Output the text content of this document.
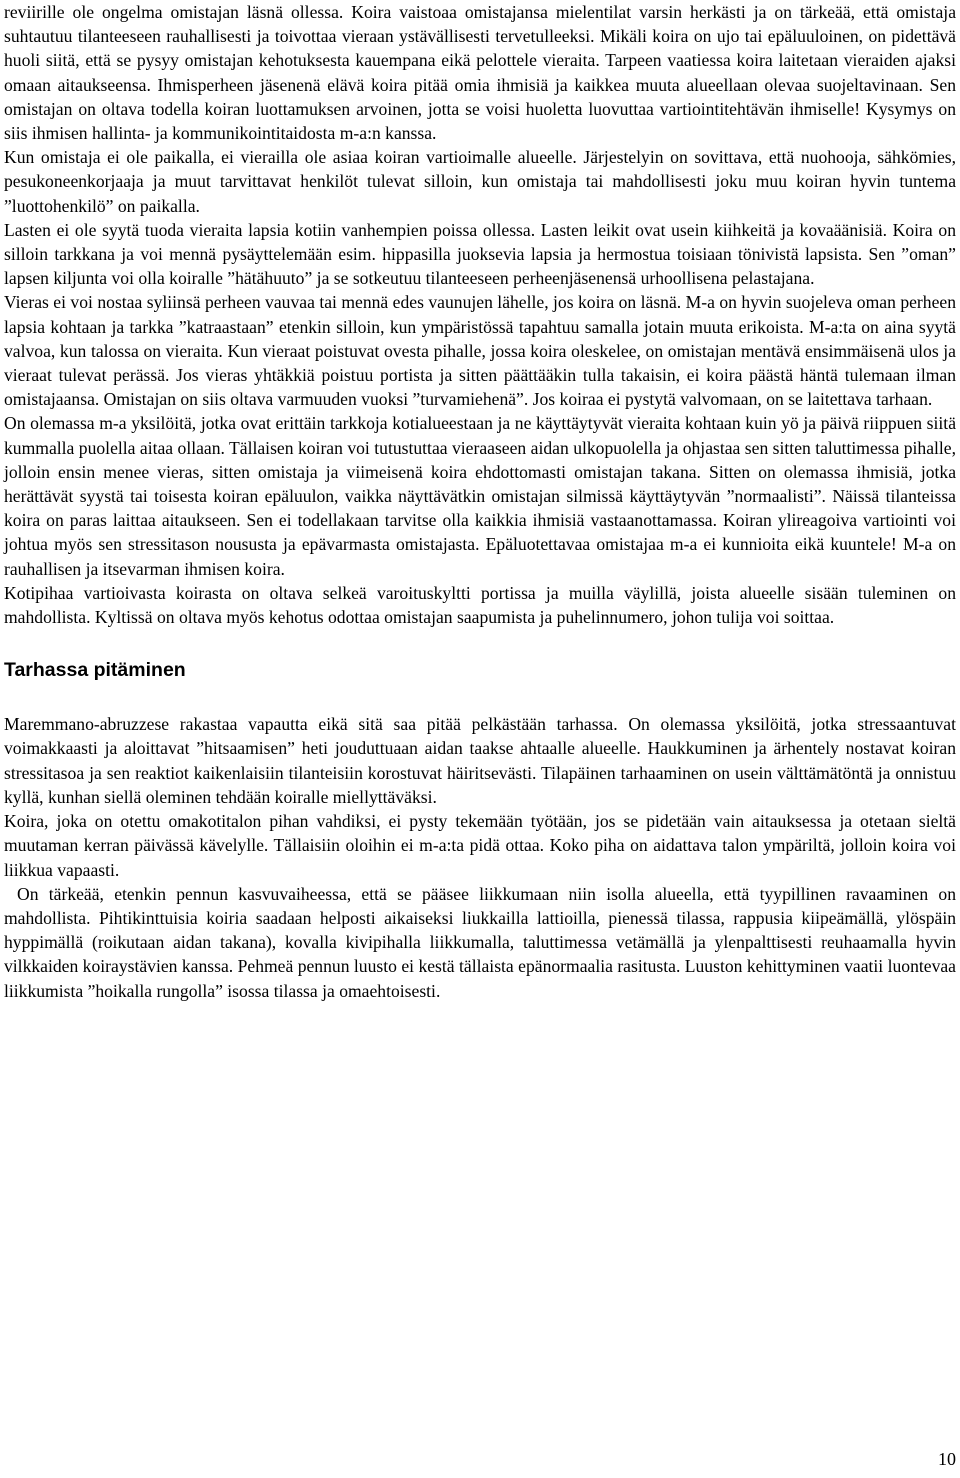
reviirille ole ongelma omistajan läsnä ollessa. Koira vaistoaa omistajansa mielentilat varsin herkästi ja on tärkeää, että omistaja suhtautuu tilanteeseen rauhallisesti ja toivottaa vieraan ystävällisesti tervetulleeksi. Mikäli koira on ujo tai epäluuloinen, on pidettävä huoli siitä, että se pysyy omistajan kehotuksesta kauempana eikä pelottele vieraita. Tarpeen vaatiessa koira laitetaan vieraiden ajaksi omaan aitaukseensa. Ihmisperheen jäsenenä elävä koira pitää omia ihmisiä ja kaikkea muuta alueellaan olevaa suojeltavinaan. Sen omistajan on oltava todella koiran luottamuksen arvoinen, jotta se voisi huoletta luovuttaa vartiointitehtävän ihmiselle! Kysymys on siis ihmisen hallinta- ja kommunikointitaidosta m-a:n kanssa.

Kun omistaja ei ole paikalla, ei vierailla ole asiaa koiran vartioimalle alueelle. Järjestelyin on sovittava, että nuohooja, sähkömies, pesukoneenkorjaaja ja muut tarvittavat henkilöt tulevat silloin, kun omistaja tai mahdollisesti joku muu koiran hyvin tuntema ”luottohenkilö” on paikalla.

Lasten ei ole syytä tuoda vieraita lapsia kotiin vanhempien poissa ollessa. Lasten leikit ovat usein kiihkeitä ja kovaäänisiä. Koira on silloin tarkkana ja voi mennä pysäyttelemään esim. hippasilla juoksevia lapsia ja hermostua toisiaan tönivistä lapsista. Sen ”oman” lapsen kiljunta voi olla koiralle ”hätähuuto” ja se sotkeutuu tilanteeseen perheenjäsenensä urhoollisena pelastajana.

Vieras ei voi nostaa syliinsä perheen vauvaa tai mennä edes vaunujen lähelle, jos koira on läsnä. M-a on hyvin suojeleva oman perheen lapsia kohtaan ja tarkka ”katraastaan” etenkin silloin, kun ympäristössä tapahtuu samalla jotain muuta erikoista. M-a:ta on aina syytä valvoa, kun talossa on vieraita. Kun vieraat poistuvat ovesta pihalle, jossa koira oleskelee, on omistajan mentävä ensimmäisenä ulos ja vieraat tulevat perässä. Jos vieras yhtäkkiä poistuu portista ja sitten päättääkin tulla takaisin, ei koira päästä häntä tulemaan ilman omistajaansa. Omistajan on siis oltava varmuuden vuoksi ”turvamiehenä”. Jos koiraa ei pystytä valvomaan, on se laitettava tarhaan.

On olemassa m-a yksilöitä, jotka ovat erittäin tarkkoja kotialueestaan ja ne käyttäytyvät vieraita kohtaan kuin yö ja päivä riippuen siitä kummalla puolella aitaa ollaan. Tällaisen koiran voi tutustuttaa vieraaseen aidan ulkopuolella ja ohjastaa sen sitten taluttimessa pihalle, jolloin ensin menee vieras, sitten omistaja ja viimeisenä koira ehdottomasti omistajan takana. Sitten on olemassa ihmisiä, jotka herättävät syystä tai toisesta koiran epäluulon, vaikka näyttävätkin omistajan silmissä käyttäytyvän ”normaalisti”. Näissä tilanteissa koira on paras laittaa aitaukseen. Sen ei todellakaan tarvitse olla kaikkia ihmisiä vastaanottamassa. Koiran ylireagoiva vartiointi voi johtua myös sen stressitason noususta ja epävarmasta omistajasta. Epäluotettavaa omistajaa m-a ei kunnioita eikä kuuntele! M-a on rauhallisen ja itsevarman ihmisen koira.

Kotipihaa vartioivasta koirasta on oltava selkeä varoituskyltti portissa ja muilla väylillä, joista alueelle sisään tuleminen on mahdollista. Kyltissä on oltava myös kehotus odottaa omistajan saapumista ja puhelinnumero, johon tulija voi soittaa.

Tarhassa pitäminen

Maremmano-abruzzese rakastaa vapautta eikä sitä saa pitää pelkästään tarhassa. On olemassa yksilöitä, jotka stressaantuvat voimakkaasti ja aloittavat ”hitsaamisen” heti jouduttuaan aidan taakse ahtaalle alueelle. Haukkuminen ja ärhentely nostavat koiran stressitasoa ja sen reaktiot kaikenlaisiin tilanteisiin korostuvat häiritsevästi. Tilapäinen tarhaaminen on usein välttämätöntä ja onnistuu kyllä, kunhan siellä oleminen tehdään koiralle miellyttäväksi.

Koira, joka on otettu omakotitalon pihan vahdiksi, ei pysty tekemään työtään, jos se pidetään vain aitauksessa ja otetaan sieltä muutaman kerran päivässä kävelylle. Tällaisiin oloihin ei m-a:ta pidä ottaa. Koko piha on aidattava talon ympäriltä, jolloin koira voi liikkua vapaasti.

On tärkeää, etenkin pennun kasvuvaiheessa, että se pääsee liikkumaan niin isolla alueella, että tyypillinen ravaaminen on mahdollista. Pihtikinttuisia koiria saadaan helposti aikaiseksi liukkailla lattioilla, pienessä tilassa, rappusia kiipeämällä, ylöspäin hyppimällä (roikutaan aidan takana), kovalla kivipihalla liikkumalla, taluttimessa vetämällä ja ylenpalttisesti reuhaamalla hyvin vilkkaiden koiraystävien kanssa. Pehmeä pennun luusto ei kestä tällaista epänormaalia rasitusta. Luuston kehittyminen vaatii luontevaa liikkumista ”hoikalla rungolla” isossa tilassa ja omaehtoisesti.

10
